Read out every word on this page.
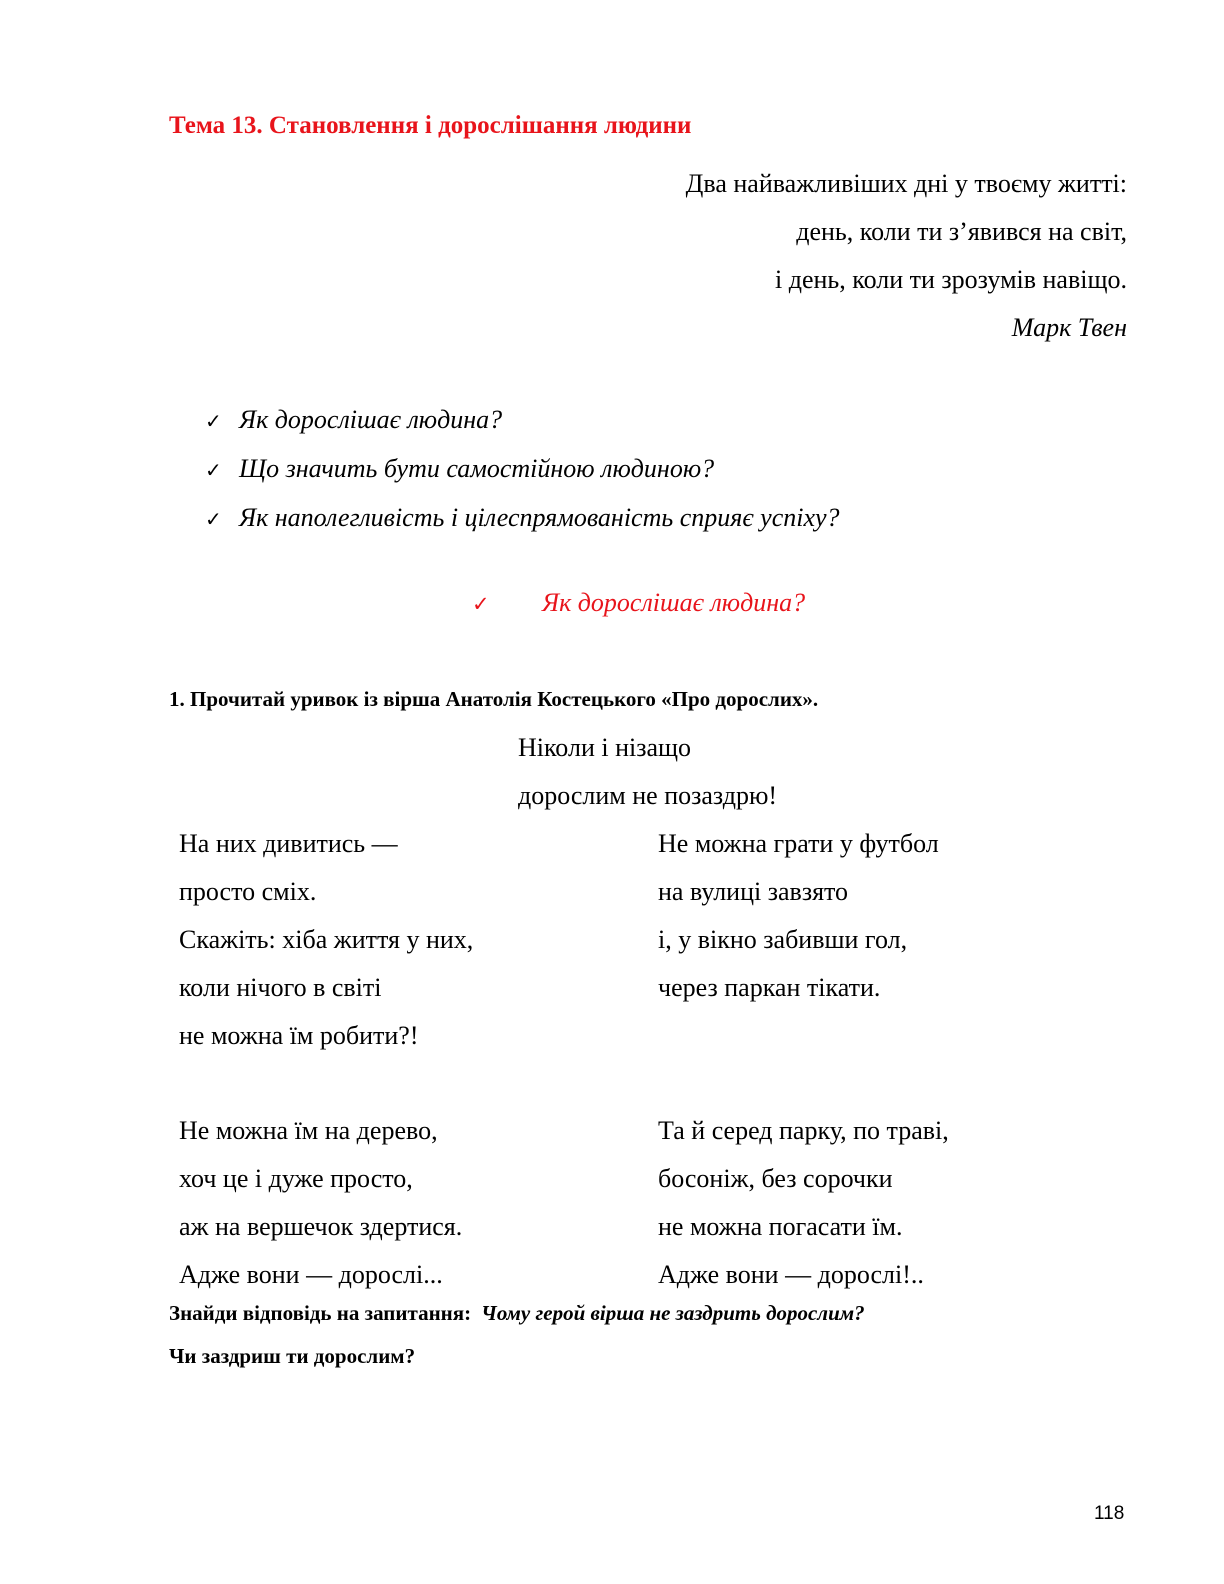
Тема 13. Становлення і дорослішання людини
Два найважливіших дні у твоєму житті:
день, коли ти з’явився на світ,
і день, коли ти зрозумів навіщо.
Марк Твен
✓ Як дорослішає людина?
✓ Що значить бути самостійною людиною?
✓ Як наполегливість і цілеспрямованість сприяє успіху?
✓ Як дорослішає людина?
1. Прочитай уривок із вірша Анатолія Костецького «Про дорослих».
Ніколи і нізащо
дорослим не позаздрю!
На них дивитись —
просто сміх.
Скажіть: хіба життя у них,
коли нічого в світі
не можна їм робити?!
Не можна грати у футбол
на вулиці завзято
і, у вікно забивши гол,
через паркан тікати.
Не можна їм на дерево,
хоч це і дуже просто,
аж на вершечок здертися.
Адже вони — дорослі...
Та й серед парку, по траві,
босоніж, без сорочки
не можна погасати їм.
Адже вони — дорослі!..
Знайди відповідь на запитання: Чому герой вірша не заздрить дорослим?
Чи заздриш ти дорослим?
118
